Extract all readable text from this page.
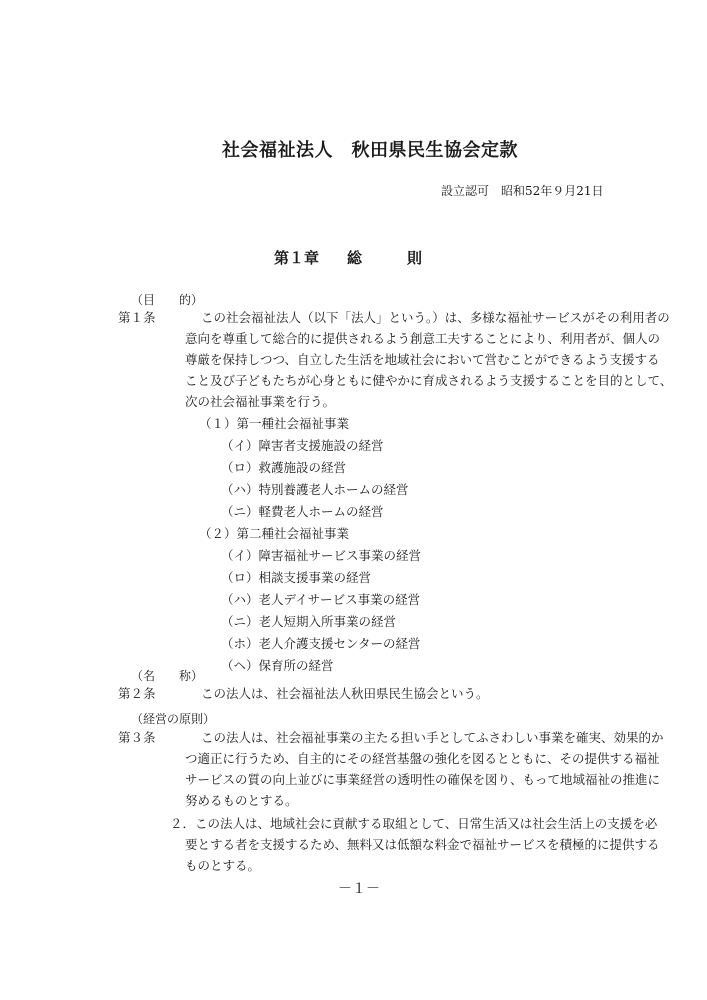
社会福祉法人　秋田県民生協会定款
設立認可　昭和52年９月21日
第１章 総　　　則
（目　　的）
第１条	この社会福祉法人（以下「法人」という。）は、多様な福祉サービスがその利用者の
意向を尊重して総合的に提供されるよう創意工夫することにより、利用者が、個人の
尊厳を保持しつつ、自立した生活を地域社会において営むことができるよう支援する
こと及び子どもたちが心身ともに健やかに育成されるよう支援することを目的として、
次の社会福祉事業を行う。
（１）第一種社会福祉事業
（イ）障害者支援施設の経営
（ロ）救護施設の経営
（ハ）特別養護老人ホームの経営
（ニ）軽費老人ホームの経営
（２）第二種社会福祉事業
（イ）障害福祉サービス事業の経営
（ロ）相談支援事業の経営
（ハ）老人デイサービス事業の経営
（ニ）老人短期入所事業の経営
（ホ）老人介護支援センターの経営
（ヘ）保育所の経営
（名　　称）
第２条	この法人は、社会福祉法人秋田県民生協会という。
（経営の原則）
第３条	この法人は、社会福祉事業の主たる担い手としてふさわしい事業を確実、効果的か
つ適正に行うため、自主的にその経営基盤の強化を図るとともに、その提供する福祉
サービスの質の向上並びに事業経営の透明性の確保を図り、もって地域福祉の推進に
努めるものとする。
２．この法人は、地域社会に貢献する取組として、日常生活又は社会生活上の支援を必
要とする者を支援するため、無料又は低額な料金で福祉サービスを積極的に提供する
ものとする。
－１－
